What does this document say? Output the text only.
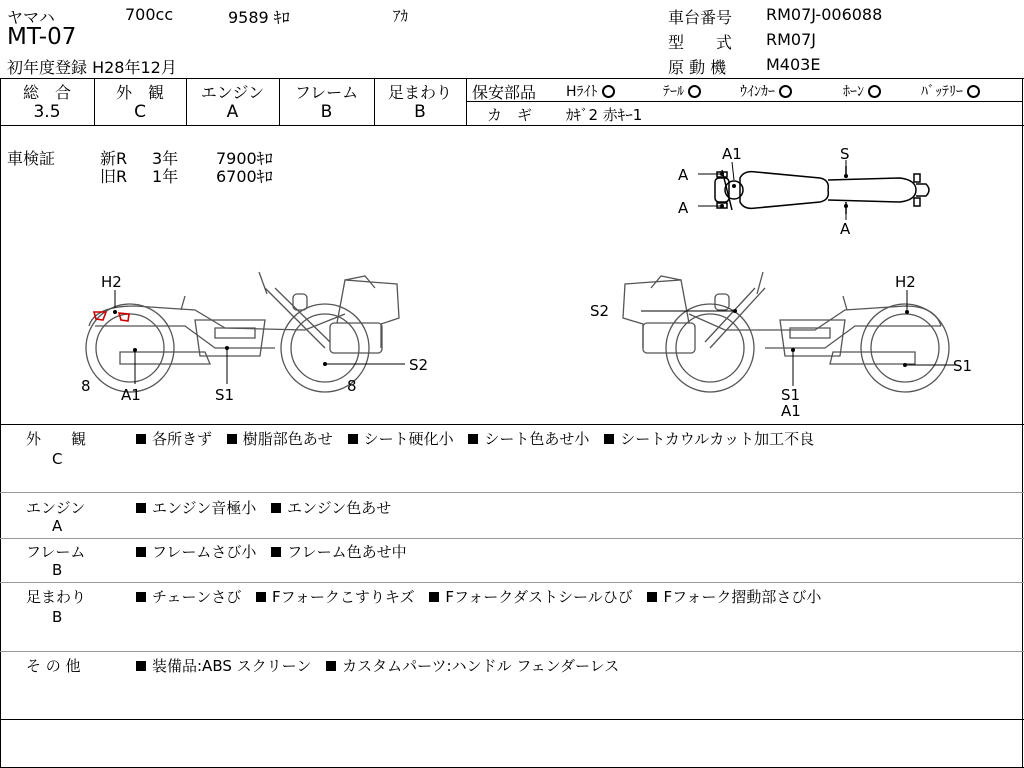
ヤマハ	700cc	9589 ｷﾛ	ｱｶ
MT-07
初年度登録 H28年12月
車台番号 RM07J-006088
型　　式 RM07J
原 動 機 M403E
総　合	外　観	エンジン	フレーム	足まわり
3.5	C	A	B	B
保安部品 Hﾗｲﾄ	ﾃｰﾙ	ｳｲﾝｶｰ	ﾎｰﾝ	ﾊﾞｯﾃﾘｰ
カ　ギ ｶｷﾞ2 赤ｷｰ1
車検証	新R 3年 7900ｷﾛ
旧R 1年 6700ｷﾛ	A
A
A1	S
A
H2
8 A1	S1	8
S2
S2
H2
S1
S1
A1
外　　観
C
各所きず 樹脂部色あせ シート硬化小 シート色あせ小 シートカウルカット加工不良
エンジン
A
エンジン音極小 エンジン色あせ
フレーム
B
フレームさび小 フレーム色あせ中
足まわり
B
チェーンさび Fフォークこすりキズ Fフォークダストシールひび Fフォーク摺動部さび小
そ の 他	装備品:ABS スクリーン カスタムパーツ:ハンドル フェンダーレス
